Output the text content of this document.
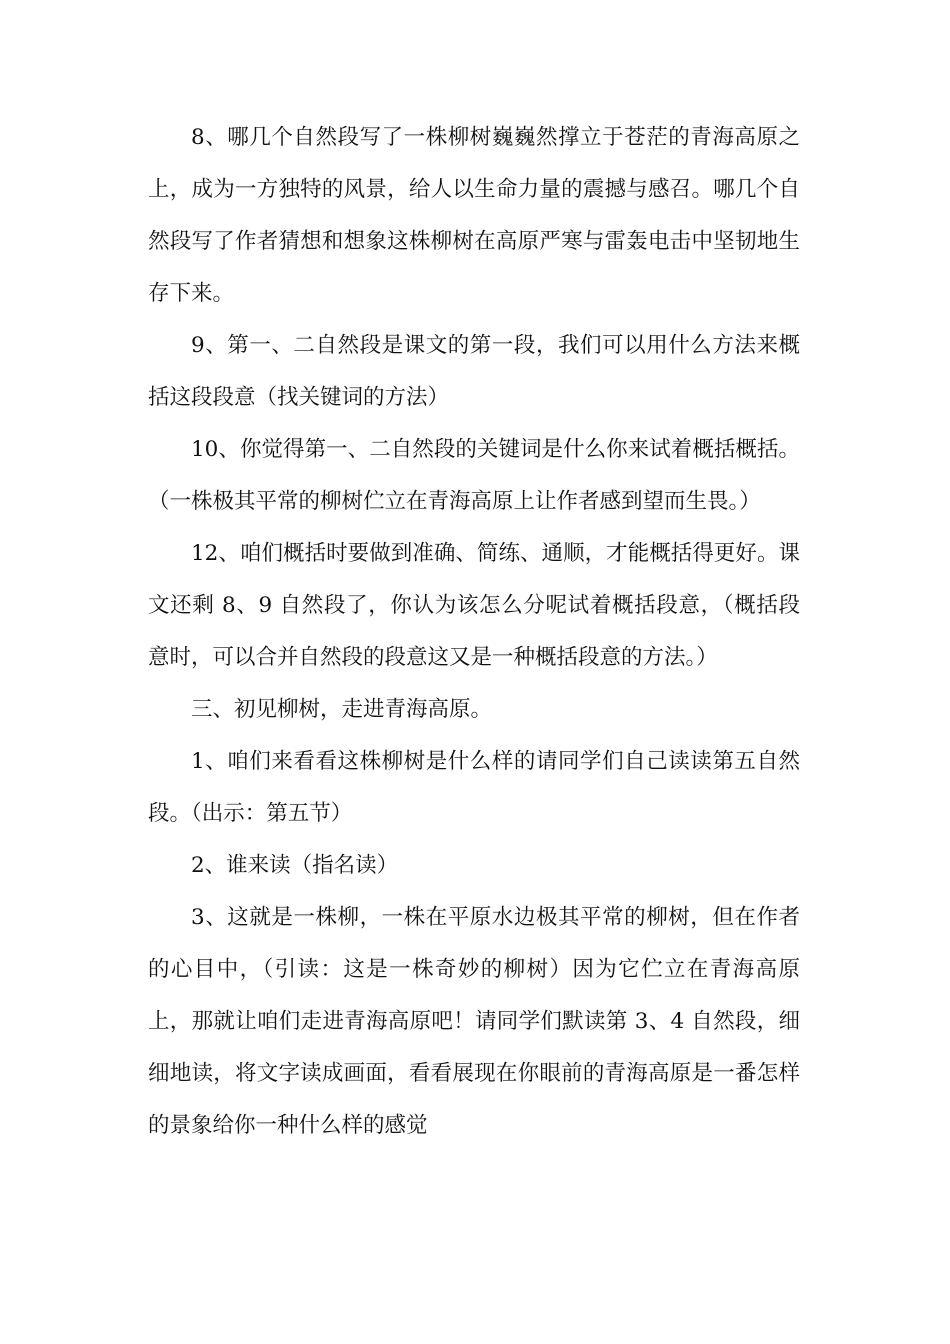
8、哪几个自然段写了一株柳树巍巍然撑立于苍茫的青海高原之上，成为一方独特的风景，给人以生命力量的震撼与感召。哪几个自然段写了作者猜想和想象这株柳树在高原严寒与雷轰电击中坚韧地生存下来。

9、第一、二自然段是课文的第一段，我们可以用什么方法来概括这段段意（找关键词的方法）

10、你觉得第一、二自然段的关键词是什么你来试着概括概括。（一株极其平常的柳树伫立在青海高原上让作者感到望而生畏。）

12、咱们概括时要做到准确、简练、通顺，才能概括得更好。课文还剩 8、9 自然段了，你认为该怎么分呢试着概括段意，（概括段意时，可以合并自然段的段意这又是一种概括段意的方法。）

三、初见柳树，走进青海高原。

1、咱们来看看这株柳树是什么样的请同学们自己读读第五自然段。（出示：第五节）

2、谁来读（指名读）

3、这就是一株柳，一株在平原水边极其平常的柳树，但在作者的心目中，（引读：这是一株奇妙的柳树）因为它伫立在青海高原上，那就让咱们走进青海高原吧！请同学们默读第 3、4 自然段，细细地读，将文字读成画面，看看展现在你眼前的青海高原是一番怎样的景象给你一种什么样的感觉
